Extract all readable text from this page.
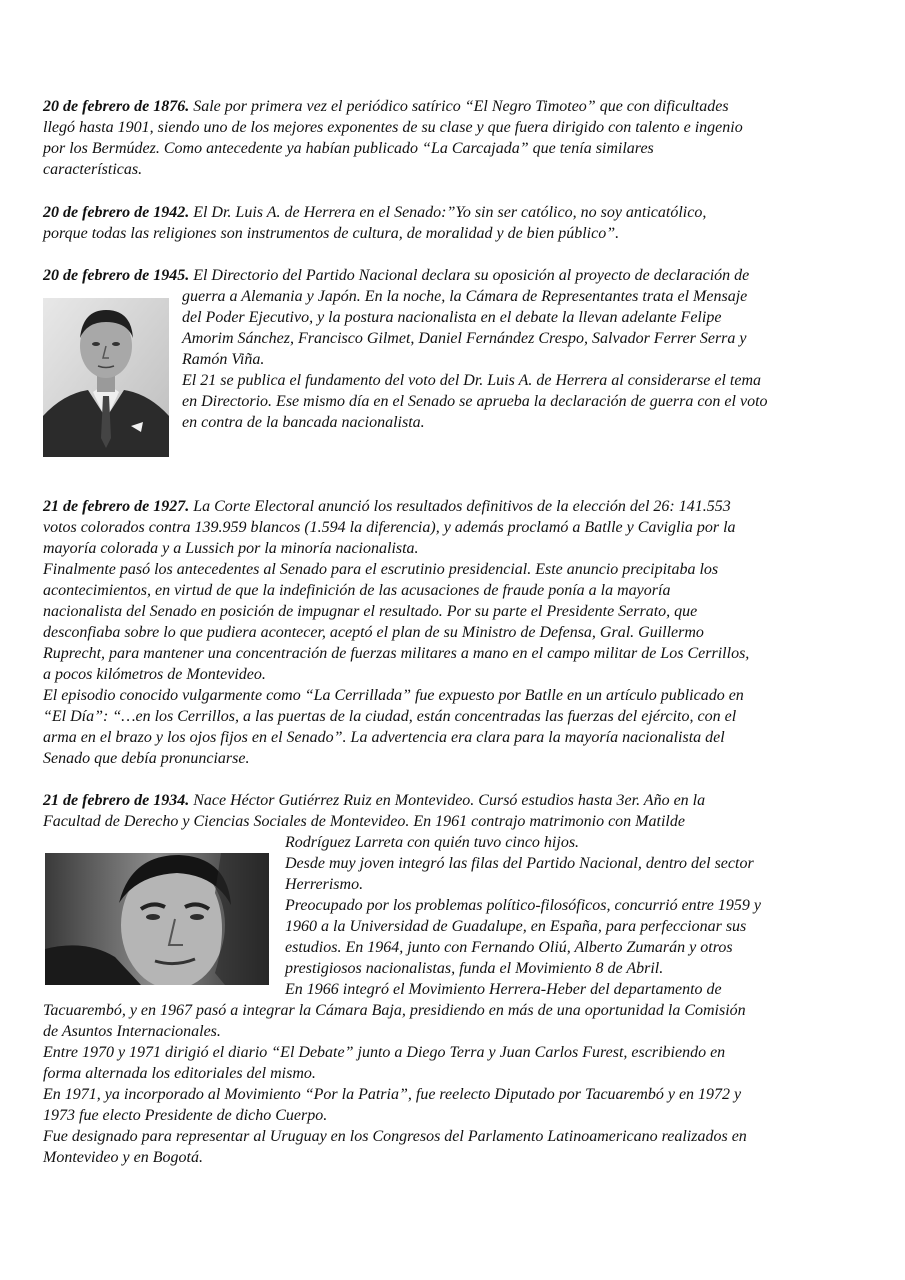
20 de febrero de 1876. Sale por primera vez el periódico satírico “El Negro Timoteo” que con dificultades
llegó hasta 1901, siendo uno de los mejores exponentes de su clase y que fuera dirigido con talento e ingenio
por los Bermúdez. Como antecedente ya habían publicado “La Carcajada” que tenía similares
características.
20 de febrero de 1942. El Dr. Luis A. de Herrera en el Senado:”Yo sin ser católico, no soy anticatólico,
porque todas las religiones son instrumentos de cultura, de moralidad y de bien público”.
20 de febrero de 1945. El Directorio del Partido Nacional declara su oposición al proyecto de declaración de
guerra a Alemania y Japón. En la noche, la Cámara de Representantes trata el Mensaje
del Poder Ejecutivo, y la postura nacionalista en el debate la llevan adelante Felipe
Amorim Sánchez, Francisco Gilmet, Daniel Fernández Crespo, Salvador Ferrer Serra y
Ramón Viña.
El 21 se publica el fundamento del voto del Dr. Luis A. de Herrera al considerarse el tema
en Directorio. Ese mismo día en el Senado se aprueba la declaración de guerra con el voto
en contra de la bancada nacionalista.
21 de febrero de 1927. La Corte Electoral anunció los resultados definitivos de la elección del 26: 141.553
votos colorados contra 139.959 blancos (1.594 la diferencia), y además proclamó a Batlle y Caviglia por la
mayoría colorada y a Lussich por la minoría nacionalista.
Finalmente pasó los antecedentes al Senado para el escrutinio presidencial. Este anuncio precipitaba los
acontecimientos, en virtud de que la indefinición de las acusaciones de fraude ponía a la mayoría
nacionalista del Senado en posición de impugnar el resultado. Por su parte el Presidente Serrato, que
desconfiaba sobre lo que pudiera acontecer, aceptó el plan de su Ministro de Defensa, Gral. Guillermo
Ruprecht, para mantener una concentración de fuerzas militares a mano en el campo militar de Los Cerrillos,
a pocos kilómetros de Montevideo.
El episodio conocido vulgarmente como “La Cerrillada” fue expuesto por Batlle en un artículo publicado en
“El Día”: “…en los Cerrillos, a las puertas de la ciudad, están concentradas las fuerzas del ejército, con el
arma en el brazo y los ojos fijos en el Senado”. La advertencia era clara para la mayoría nacionalista del
Senado que debía pronunciarse.
21 de febrero de 1934. Nace Héctor Gutiérrez Ruiz en Montevideo. Cursó estudios hasta 3er. Año en la
Facultad de Derecho y Ciencias Sociales de Montevideo. En 1961 contrajo matrimonio con Matilde
Rodríguez Larreta con quién tuvo cinco hijos.
Desde muy joven integró las filas del Partido Nacional, dentro del sector
Herrerismo.
Preocupado por los problemas político-filosóficos, concurrió entre 1959 y
1960 a la Universidad de Guadalupe, en España, para perfeccionar sus
estudios. En 1964, junto con Fernando Oliú, Alberto Zumarán y otros
prestigiosos nacionalistas, funda el Movimiento 8 de Abril.
En 1966 integró el Movimiento Herrera-Heber del departamento de
Tacuarembó, y en 1967 pasó a integrar la Cámara Baja, presidiendo en más de una oportunidad la Comisión
de Asuntos Internacionales.
Entre 1970 y 1971 dirigió el diario “El Debate” junto a Diego Terra y Juan Carlos Furest, escribiendo en
forma alternada los editoriales del mismo.
En 1971, ya incorporado al Movimiento “Por la Patria”, fue reelecto Diputado por Tacuarembó y en 1972 y
1973 fue electo Presidente de dicho Cuerpo.
Fue designado para representar al Uruguay en los Congresos del Parlamento Latinoamericano realizados en
Montevideo y en Bogotá.
